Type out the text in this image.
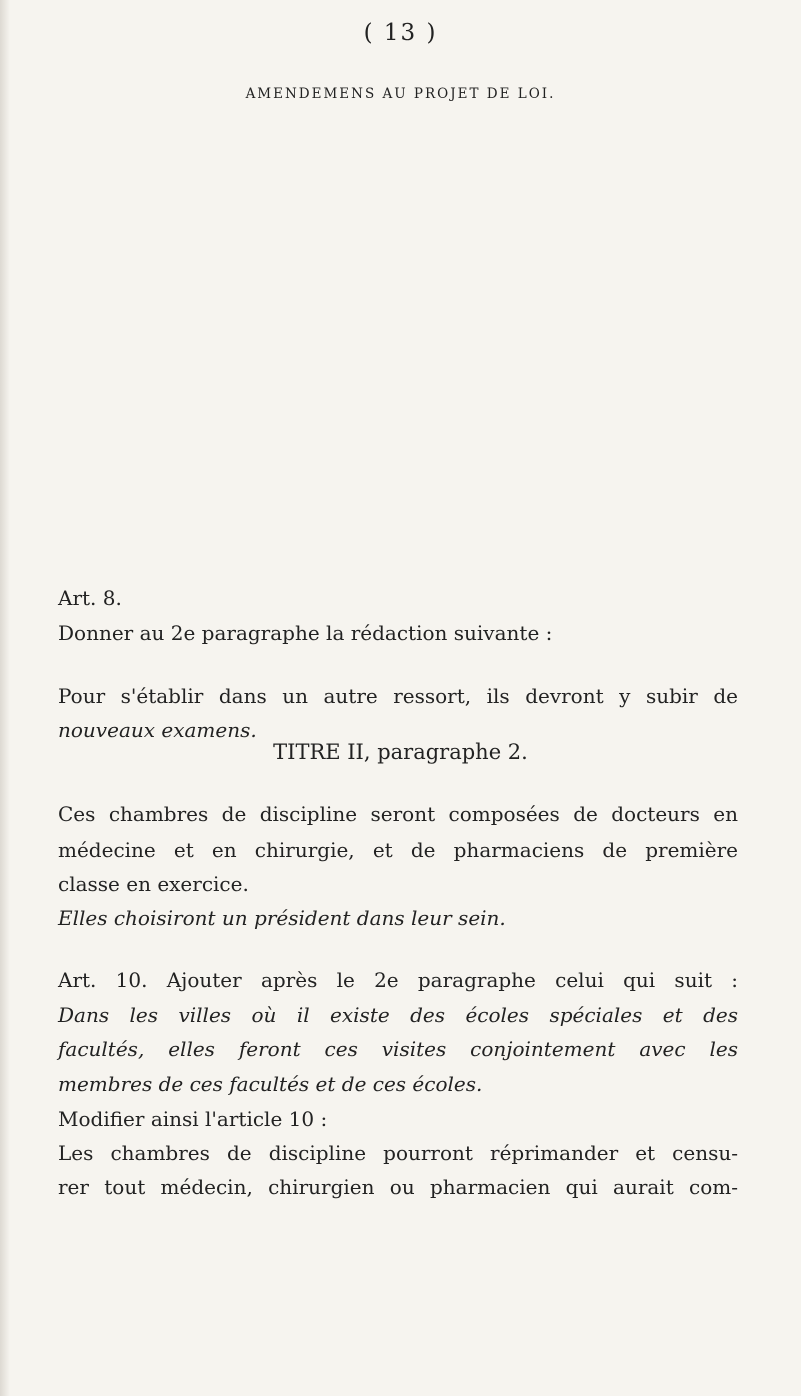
( 13 )
AMENDEMENS AU PROJET DE LOI.
Art. 8.
Donner au 2e paragraphe la rédaction suivante :
Pour s'établir dans un autre ressort, ils devront y subir de
nouveaux examens.
TITRE II, paragraphe 2.
Ces chambres de discipline seront composées de docteurs en
médecine et en chirurgie, et de pharmaciens de première
classe en exercice.
Elles choisiront un président dans leur sein.
Art. 10. Ajouter après le 2e paragraphe celui qui suit :
Dans les villes où il existe des écoles spéciales et des
facultés, elles feront ces visites conjointement avec les
membres de ces facultés et de ces écoles.
Modifier ainsi l'article 10 :
Les chambres de discipline pourront réprimander et censu-
rer tout médecin, chirurgien ou pharmacien qui aurait com-
